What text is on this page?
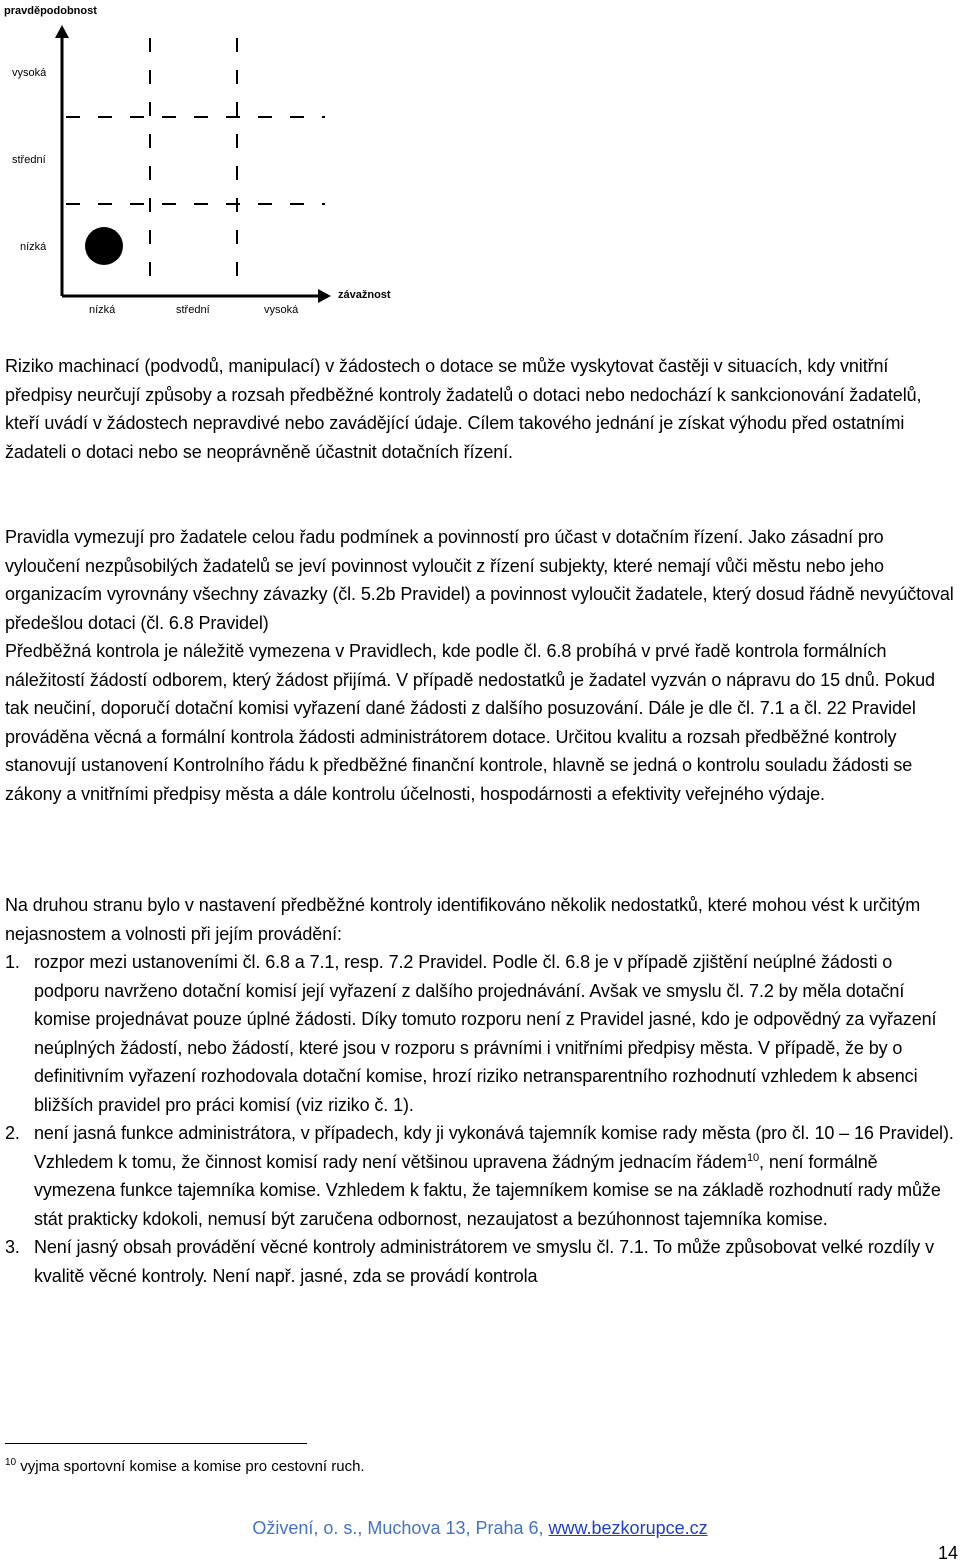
pravděpodobnost
závažnost
vysoká
střední
nízká
nízká	střední	vysoká

Riziko machinací (podvodů, manipulací) v žádostech o dotace se může vyskytovat častěji v situacích, kdy vnitřní předpisy neurčují způsoby a rozsah předběžné kontroly žadatelů o dotaci nebo nedochází k sankcionování žadatelů, kteří uvádí v žádostech nepravdivé nebo zavádějící údaje. Cílem takového jednání je získat výhodu před ostatními žadateli o dotaci nebo se neoprávněně účastnit dotačních řízení.

Pravidla vymezují pro žadatele celou řadu podmínek a povinností pro účast v dotačním řízení. Jako zásadní pro vyloučení nezpůsobilých žadatelů se jeví povinnost vyloučit z řízení subjekty, které nemají vůči městu nebo jeho organizacím vyrovnány všechny závazky (čl. 5.2b Pravidel) a povinnost vyloučit žadatele, který dosud řádně nevyúčtoval předešlou dotaci (čl. 6.8 Pravidel)

Předběžná kontrola je náležitě vymezena v Pravidlech, kde podle čl. 6.8 probíhá v prvé řadě kontrola formálních náležitostí žádostí odborem, který žádost přijímá. V případě nedostatků je žadatel vyzván o nápravu do 15 dnů. Pokud tak neučiní, doporučí dotační komisi vyřazení dané žádosti z dalšího posuzování. Dále je dle čl. 7.1 a čl. 22 Pravidel prováděna věcná a formální kontrola žádosti administrátorem dotace. Určitou kvalitu a rozsah předběžné kontroly stanovují ustanovení Kontrolního řádu k předběžné finanční kontrole, hlavně se jedná o kontrolu souladu žádosti se zákony a vnitřními předpisy města a dále kontrolu účelnosti, hospodárnosti a efektivity veřejného výdaje.

Na druhou stranu bylo v nastavení předběžné kontroly identifikováno několik nedostatků, které mohou vést k určitým nejasnostem a volnosti při jejím provádění:

1. rozpor mezi ustanoveními čl. 6.8 a 7.1, resp. 7.2 Pravidel. Podle čl. 6.8 je v případě zjištění neúplné žádosti o podporu navrženo dotační komisí její vyřazení z dalšího projednávání. Avšak ve smyslu čl. 7.2 by měla dotační komise projednávat pouze úplné žádosti. Díky tomuto rozporu není z Pravidel jasné, kdo je odpovědný za vyřazení neúplných žádostí, nebo žádostí, které jsou v rozporu s právními i vnitřními předpisy města. V případě, že by o definitivním vyřazení rozhodovala dotační komise, hrozí riziko netransparentního rozhodnutí vzhledem k absenci bližších pravidel pro práci komisí (viz riziko č. 1).
2. není jasná funkce administrátora, v případech, kdy ji vykonává tajemník komise rady města (pro čl. 10 – 16 Pravidel). Vzhledem k tomu, že činnost komisí rady není většinou upravena žádným jednacím řádem$^{10}$, není formálně vymezena funkce tajemníka komise. Vzhledem k faktu, že tajemníkem komise se na základě rozhodnutí rady může stát prakticky kdokoli, nemusí být zaručena odbornost, nezaujatost a bezúhonnost tajemníka komise.
3. Není jasný obsah provádění věcné kontroly administrátorem ve smyslu čl. 7.1. To může způsobovat velké rozdíly v kvalitě věcné kontroly. Není např. jasné, zda se provádí kontrola
$^{10}$ vyjma sportovní komise a komise pro cestovní ruch.
Oživení, o. s., Muchova 13, Praha 6, www.bezkorupce.cz
14
